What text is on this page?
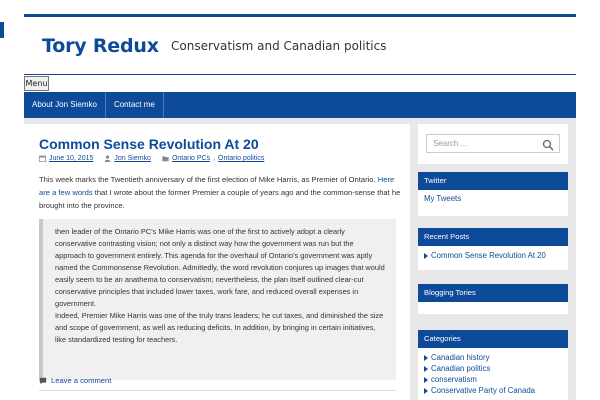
Tory Redux Conservatism and Canadian politics
Menu
About Jon Siemko	Contact me
Common Sense Revolution At 20
June 10, 2015	Jon Siemko	Ontario PCs , Ontario politics
This week marks the Twentieth anniversary of the first election of Mike Harris, as Premier of Ontario. Here are a few words that I wrote about the former Premier a couple of years ago and the common-sense that he brought into the province.

then leader of the Ontario PC’s Mike Harris was one of the first to actively adopt a clearly conservative contrasting vision; not only a distinct way how the government was run but the approach to government entirely. This agenda for the overhaul of Ontario’s government was aptly named the Commonsense Revolution. Admittedly, the word revolution conjures up images that would easily seem to be an anathema to conservatism; nevertheless, the plan itself outlined clear-cut conservative principles that included lower taxes, work fare, and reduced overall expenses in government.

Indeed, Premier Mike Harris was one of the truly trans leaders; he cut taxes, and diminished the size and scope of government, as well as reducing deficits. In addition, by bringing in certain initiatives, like standardized testing for teachers.

Leave a comment
Search ...
Twitter
My Tweets
Recent Posts
Common Sense Revolution At 20
Blogging Tories
Categories
Canadian history
Canadian politics
conservatism
Conservative Party of Canada
